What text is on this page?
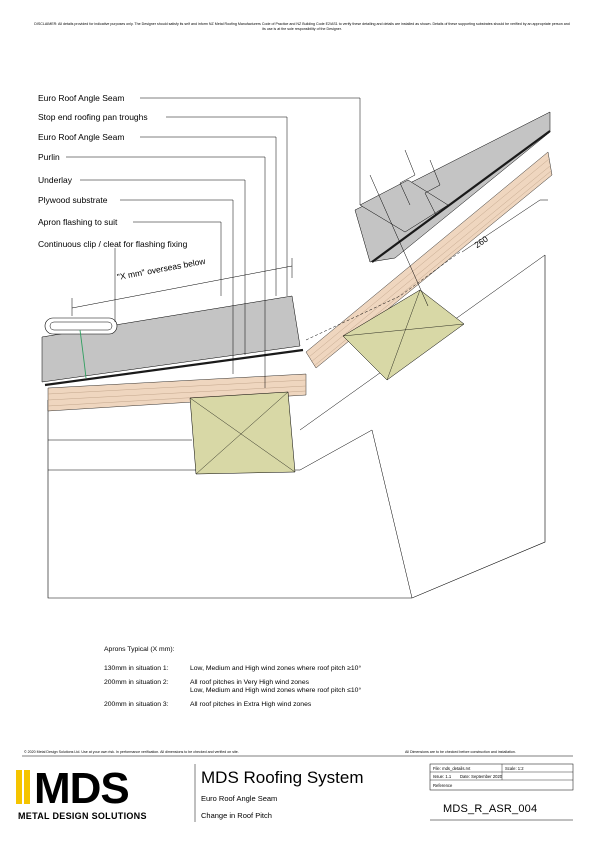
DISCLAIMER: All details provided for indicative purposes only. The Designer should satisfy its self and inform NZ Metal Roofing Manufacturers Code of Practice and NZ Building Code E2/AS1 to verify these detailing and details are installed as shown. Details of these supporting substrates should be verified by an appropriate person and its use is at the sole responsibility of the Designer.
Euro Roof Angle Seam
Stop end roofing pan troughs
Euro Roof Angle Seam
Purlin
Underlay
Plywood substrate
Apron flashing to suit
Continuous clip / cleat for flashing fixing
"X mm" overseas below
260
Aprons Typical (X mm):
130mm in situation 1:	Low, Medium and High wind zones where roof pitch ≥10°
200mm in situation 2:	All roof pitches in Very High wind zones
Low, Medium and High wind zones where roof pitch ≤10°
200mm in situation 3:	All roof pitches in Extra High wind zones
© 2020 Metal Design Solutions Ltd. Use at your own risk. In performance verification. All dimensions to be checked and verified on site.	All Dimensions are to be checked before construction and installation.
MDS
METAL DESIGN SOLUTIONS
MDS Roofing System
Euro Roof Angle Seam
Change in Roof Pitch
File: mds_details.rvt	Scale: 1:2
Issue: 1.1 Date: September 2020
Reference
MDS_R_ASR_004
